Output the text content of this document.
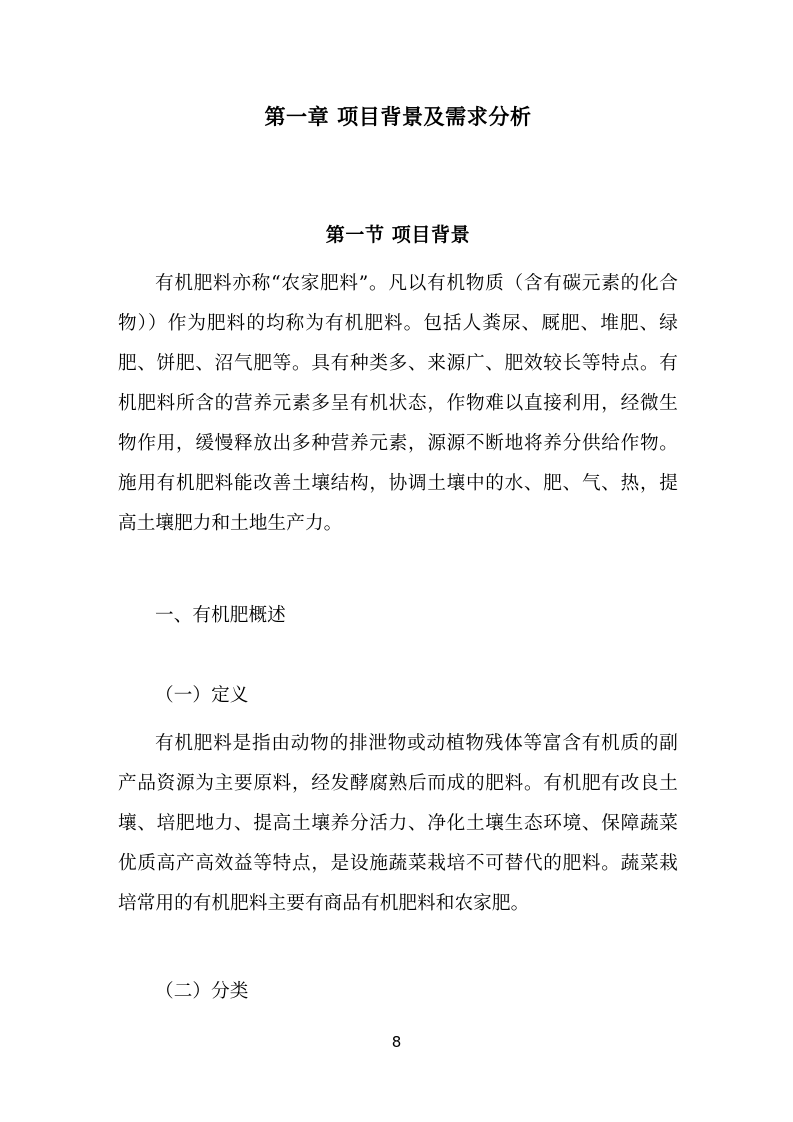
第一章 项目背景及需求分析
第一节 项目背景

有机肥料亦称“农家肥料”。凡以有机物质（含有碳元素的化合物））作为肥料的均称为有机肥料。包括人粪尿、厩肥、堆肥、绿肥、饼肥、沼气肥等。具有种类多、来源广、肥效较长等特点。有机肥料所含的营养元素多呈有机状态，作物难以直接利用，经微生物作用，缓慢释放出多种营养元素，源源不断地将养分供给作物。施用有机肥料能改善土壤结构，协调土壤中的水、肥、气、热，提高土壤肥力和土地生产力。

一、有机肥概述
（一）定义

有机肥料是指由动物的排泄物或动植物残体等富含有机质的副产品资源为主要原料，经发酵腐熟后而成的肥料。有机肥有改良土壤、培肥地力、提高土壤养分活力、净化土壤生态环境、保障蔬菜优质高产高效益等特点，是设施蔬菜栽培不可替代的肥料。蔬菜栽培常用的有机肥料主要有商品有机肥料和农家肥。

（二）分类
8
